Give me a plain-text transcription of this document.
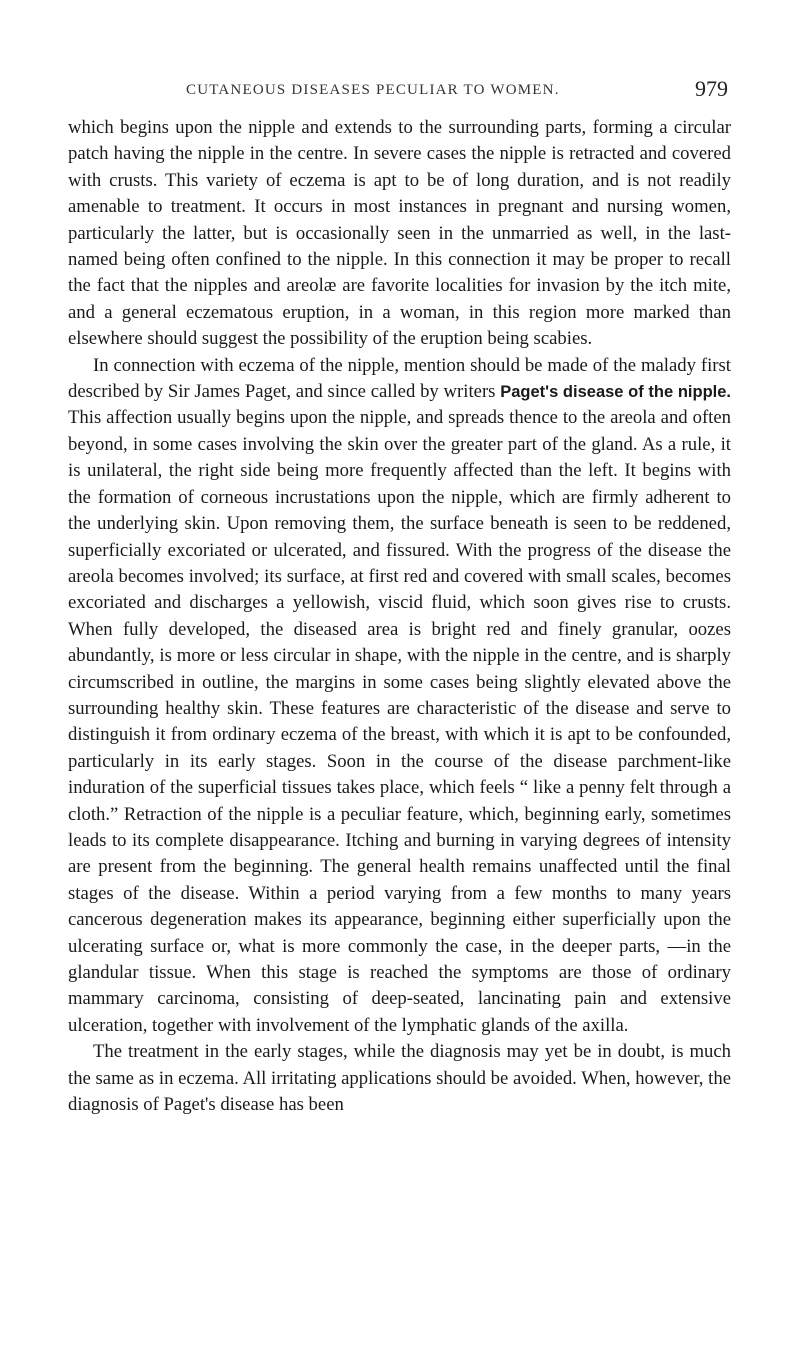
CUTANEOUS DISEASES PECULIAR TO WOMEN.	979

which begins upon the nipple and extends to the surrounding parts, forming a circular patch having the nipple in the centre. In severe cases the nipple is retracted and covered with crusts. This variety of eczema is apt to be of long duration, and is not readily amenable to treatment. It occurs in most instances in pregnant and nursing women, particularly the latter, but is occasionally seen in the unmarried as well, in the last-named being often confined to the nipple. In this connection it may be proper to recall the fact that the nipples and areolæ are favorite localities for invasion by the itch mite, and a general eczematous eruption, in a woman, in this region more marked than elsewhere should suggest the possibility of the eruption being scabies.

In connection with eczema of the nipple, mention should be made of the malady first described by Sir James Paget, and since called by writers Paget's disease of the nipple. This affection usually begins upon the nipple, and spreads thence to the areola and often beyond, in some cases involving the skin over the greater part of the gland. As a rule, it is unilateral, the right side being more frequently affected than the left. It begins with the formation of corneous incrustations upon the nipple, which are firmly adherent to the underlying skin. Upon removing them, the surface beneath is seen to be reddened, superficially excoriated or ulcerated, and fissured. With the progress of the disease the areola becomes involved; its surface, at first red and covered with small scales, becomes excoriated and discharges a yellowish, viscid fluid, which soon gives rise to crusts. When fully developed, the diseased area is bright red and finely granular, oozes abundantly, is more or less circular in shape, with the nipple in the centre, and is sharply circumscribed in outline, the margins in some cases being slightly elevated above the surrounding healthy skin. These features are characteristic of the disease and serve to distinguish it from ordinary eczema of the breast, with which it is apt to be confounded, particularly in its early stages. Soon in the course of the disease parchment-like induration of the superficial tissues takes place, which feels “ like a penny felt through a cloth.” Retraction of the nipple is a peculiar feature, which, beginning early, sometimes leads to its complete disappearance. Itching and burning in varying degrees of intensity are present from the beginning. The general health remains unaffected until the final stages of the disease. Within a period varying from a few months to many years cancerous degeneration makes its appearance, beginning either superficially upon the ulcerating surface or, what is more commonly the case, in the deeper parts, —in the glandular tissue. When this stage is reached the symptoms are those of ordinary mammary carcinoma, consisting of deep-seated, lancinating pain and extensive ulceration, together with involvement of the lymphatic glands of the axilla.

The treatment in the early stages, while the diagnosis may yet be in doubt, is much the same as in eczema. All irritating applications should be avoided. When, however, the diagnosis of Paget's disease has been
